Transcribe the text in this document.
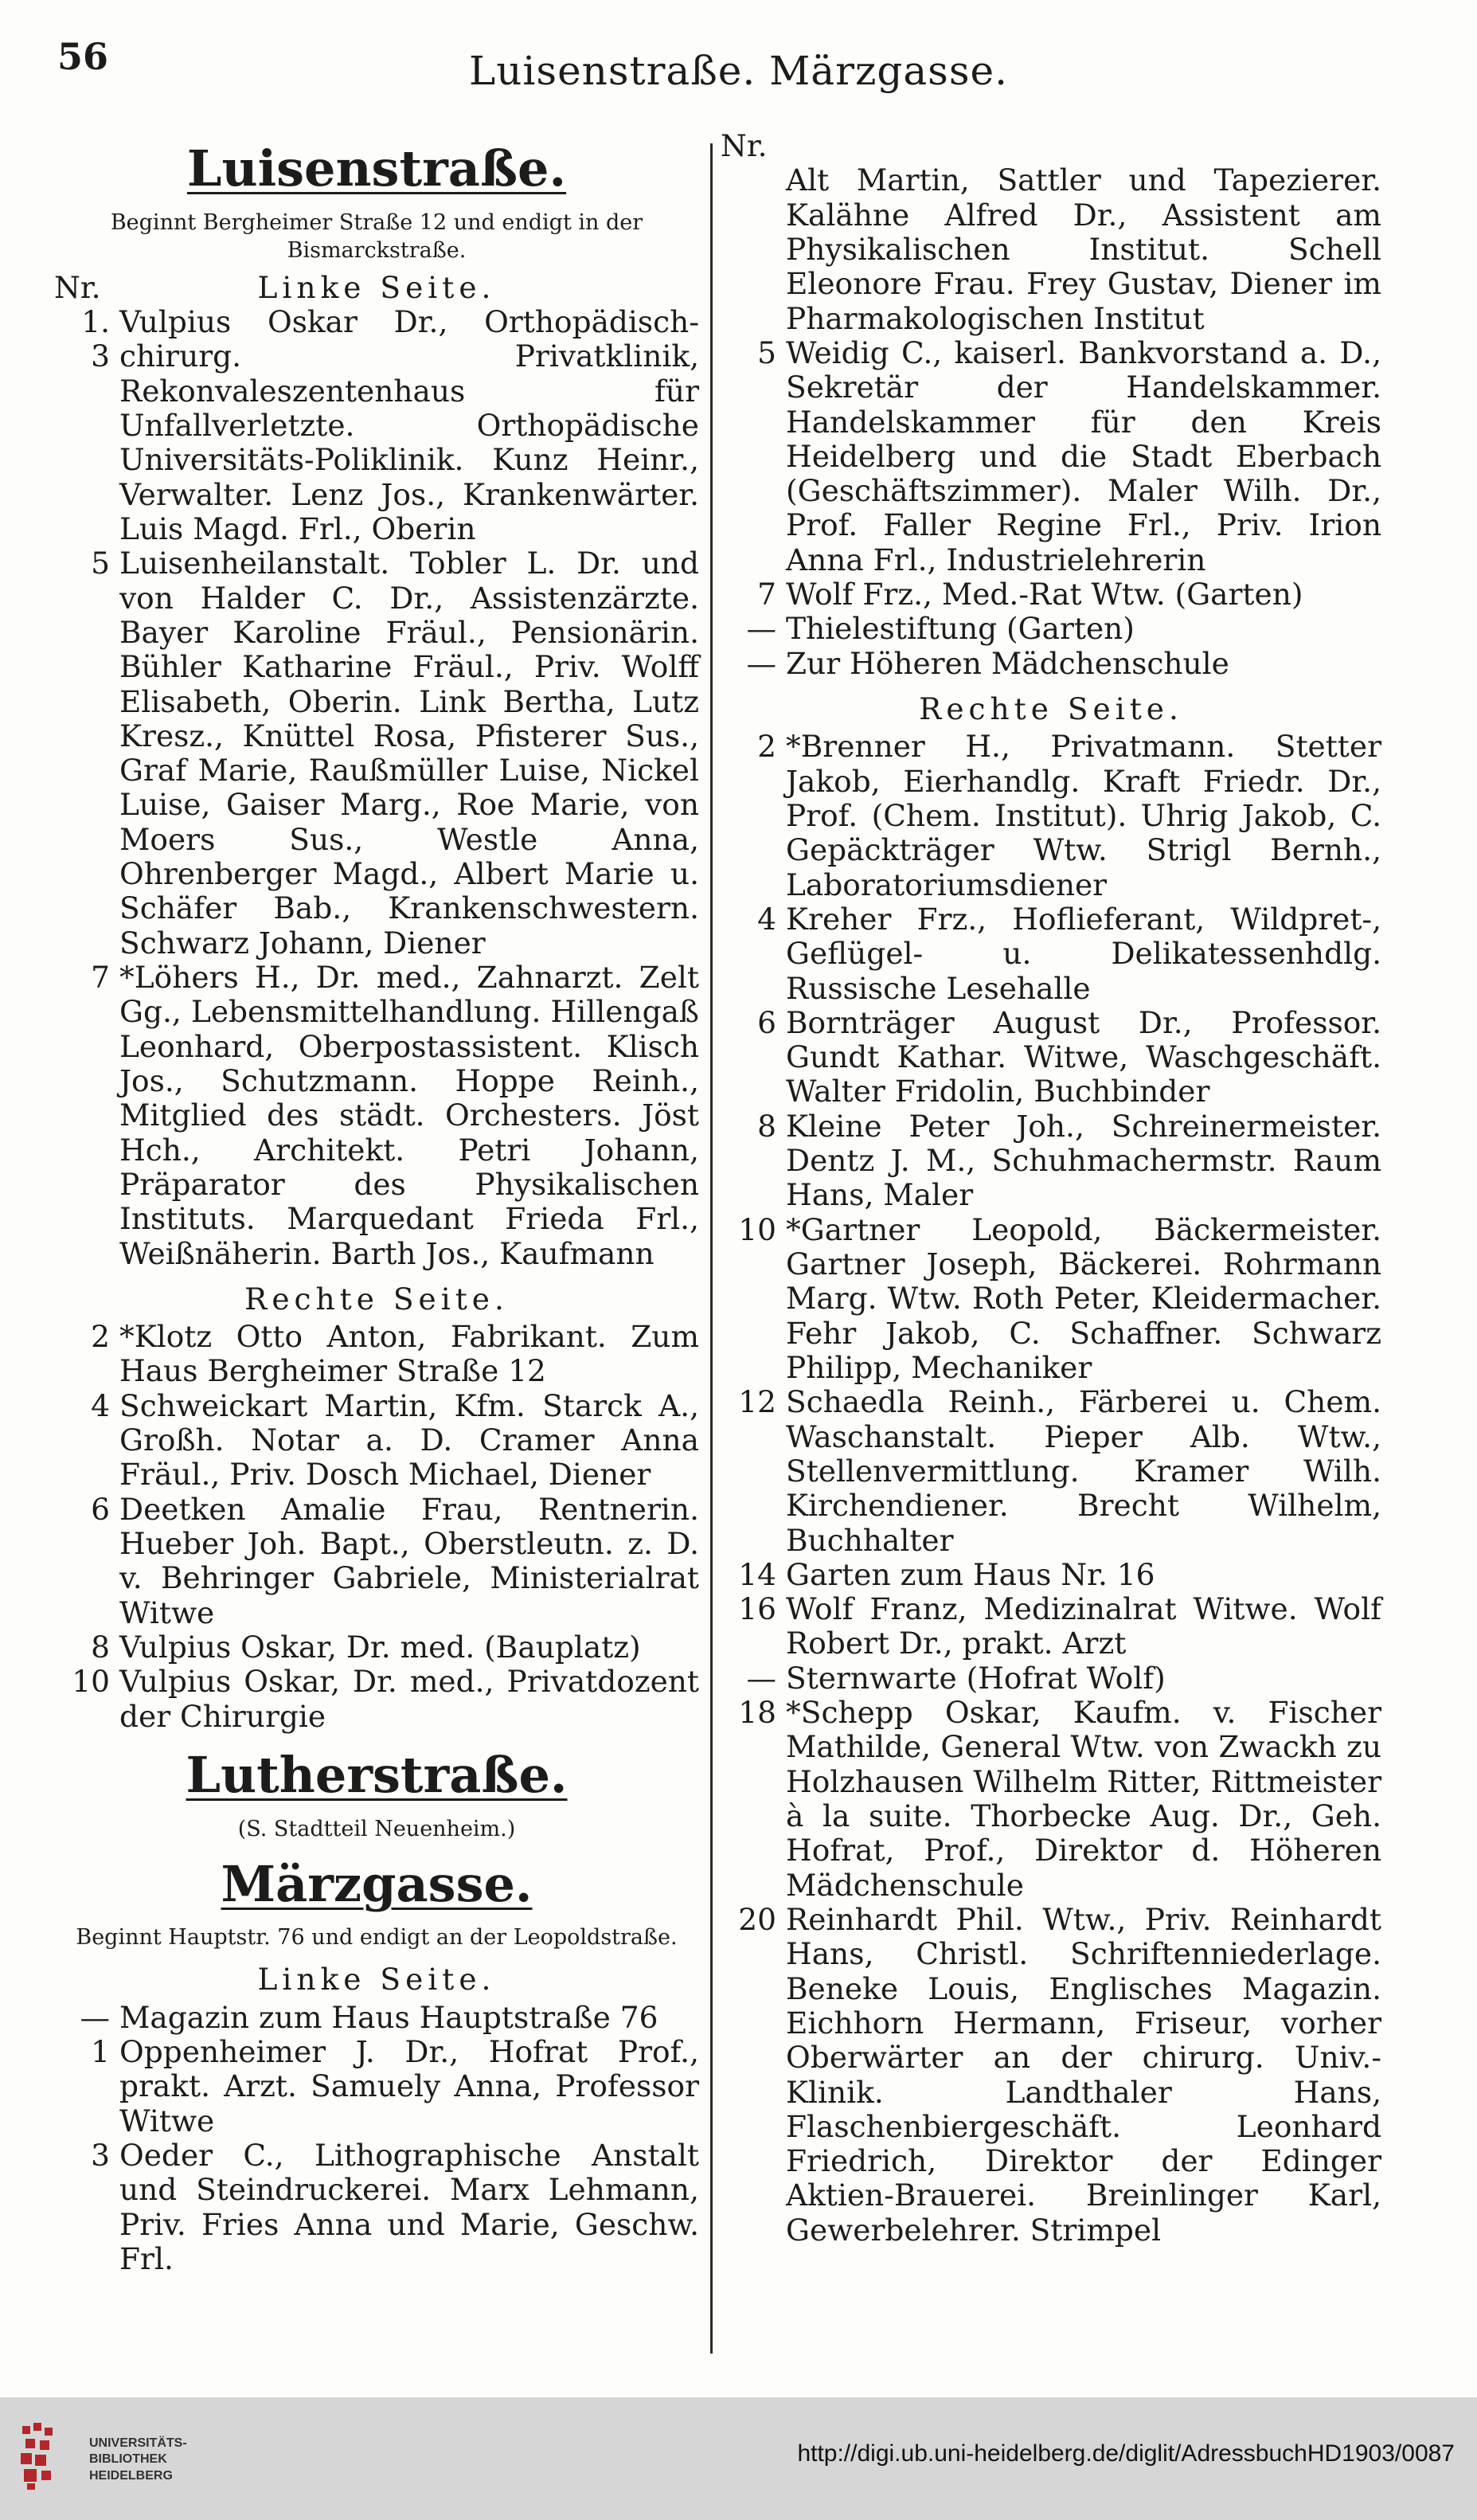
56	Luisenstraße. Märzgasse.
Luisenstraße.
Beginnt Bergheimer Straße 12 und endigt in der Bismarckstraße.
Nr.	Linke Seite.
1. 3
Vulpius Oskar Dr., Orthopädisch-chirurg. Privatklinik, Rekonvaleszentenhaus für Unfallverletzte. Orthopädische Universitäts-Poliklinik. Kunz Heinr., Verwalter. Lenz Jos., Krankenwärter. Luis Magd. Frl., Oberin
5 Luisenheilanstalt. Tobler L. Dr. und von Halder C. Dr., Assistenzärzte. Bayer Karoline Fräul., Pensionärin. Bühler Katharine Fräul., Priv. Wolff Elisabeth, Oberin. Link Bertha, Lutz Kresz., Knüttel Rosa, Pfisterer Sus., Graf Marie, Raußmüller Luise, Nickel Luise, Gaiser Marg., Roe Marie, von Moers Sus., Westle Anna, Ohrenberger Magd., Albert Marie u. Schäfer Bab., Krankenschwestern. Schwarz Johann, Diener
7 *Löhers H., Dr. med., Zahnarzt. Zelt Gg., Lebensmittelhandlung. Hillengaß Leonhard, Oberpostassistent. Klisch Jos., Schutzmann. Hoppe Reinh., Mitglied des städt. Orchesters. Jöst Hch., Architekt. Petri Johann, Präparator des Physikalischen Instituts. Marquedant Frieda Frl., Weißnäherin. Barth Jos., Kaufmann
Rechte Seite.
2 *Klotz Otto Anton, Fabrikant. Zum Haus Bergheimer Straße 12
4 Schweickart Martin, Kfm. Starck A., Großh. Notar a. D. Cramer Anna Fräul., Priv. Dosch Michael, Diener
6 Deetken Amalie Frau, Rentnerin. Hueber Joh. Bapt., Oberstleutn. z. D. v. Behringer Gabriele, Ministerialrat Witwe
8 Vulpius Oskar, Dr. med. (Bauplatz)
10 Vulpius Oskar, Dr. med., Privatdozent der Chirurgie
Lutherstraße.
(S. Stadtteil Neuenheim.)
Märzgasse.
Beginnt Hauptstr. 76 und endigt an der Leopoldstraße.
Linke Seite.
— Magazin zum Haus Hauptstraße 76
1 Oppenheimer J. Dr., Hofrat Prof., prakt. Arzt. Samuely Anna, Professor Witwe
3 Oeder C., Lithographische Anstalt und Steindruckerei. Marx Lehmann, Priv. Fries Anna und Marie, Geschw. Frl.
Nr.
Alt Martin, Sattler und Tapezierer. Kalähne Alfred Dr., Assistent am Physikalischen Institut. Schell Eleonore Frau. Frey Gustav, Diener im Pharmakologischen Institut
5 Weidig C., kaiserl. Bankvorstand a. D., Sekretär der Handelskammer. Handelskammer für den Kreis Heidelberg und die Stadt Eberbach (Geschäftszimmer). Maler Wilh. Dr., Prof. Faller Regine Frl., Priv. Irion Anna Frl., Industrielehrerin
7 Wolf Frz., Med.-Rat Wtw. (Garten)
— Thielestiftung (Garten)
— Zur Höheren Mädchenschule
Rechte Seite.
2 *Brenner H., Privatmann. Stetter Jakob, Eierhandlg. Kraft Friedr. Dr., Prof. (Chem. Institut). Uhrig Jakob, C. Gepäckträger Wtw. Strigl Bernh., Laboratoriumsdiener
4 Kreher Frz., Hoflieferant, Wildpret-, Geflügel- u. Delikatessenhdlg. Russische Lesehalle
6 Bornträger August Dr., Professor. Gundt Kathar. Witwe, Waschgeschäft. Walter Fridolin, Buchbinder
8 Kleine Peter Joh., Schreinermeister. Dentz J. M., Schuhmachermstr. Raum Hans, Maler
10 *Gartner Leopold, Bäckermeister. Gartner Joseph, Bäckerei. Rohrmann Marg. Wtw. Roth Peter, Kleidermacher. Fehr Jakob, C. Schaffner. Schwarz Philipp, Mechaniker
12 Schaedla Reinh., Färberei u. Chem. Waschanstalt. Pieper Alb. Wtw., Stellenvermittlung. Kramer Wilh. Kirchendiener. Brecht Wilhelm, Buchhalter
14 Garten zum Haus Nr. 16
16 Wolf Franz, Medizinalrat Witwe. Wolf Robert Dr., prakt. Arzt
— Sternwarte (Hofrat Wolf)
18 *Schepp Oskar, Kaufm. v. Fischer Mathilde, General Wtw. von Zwackh zu Holzhausen Wilhelm Ritter, Rittmeister à la suite. Thorbecke Aug. Dr., Geh. Hofrat, Prof., Direktor d. Höheren Mädchenschule
20 Reinhardt Phil. Wtw., Priv. Reinhardt Hans, Christl. Schriftenniederlage. Beneke Louis, Englisches Magazin. Eichhorn Hermann, Friseur, vorher Oberwärter an der chirurg. Univ.-Klinik. Landthaler Hans, Flaschenbiergeschäft. Leonhard Friedrich, Direktor der Edinger Aktien-Brauerei. Breinlinger Karl, Gewerbelehrer. Strimpel
UNIVERSITÄTS-
BIBLIOTHEK
HEIDELBERG
http://digi.ub.uni-heidelberg.de/diglit/AdressbuchHD1903/0087
